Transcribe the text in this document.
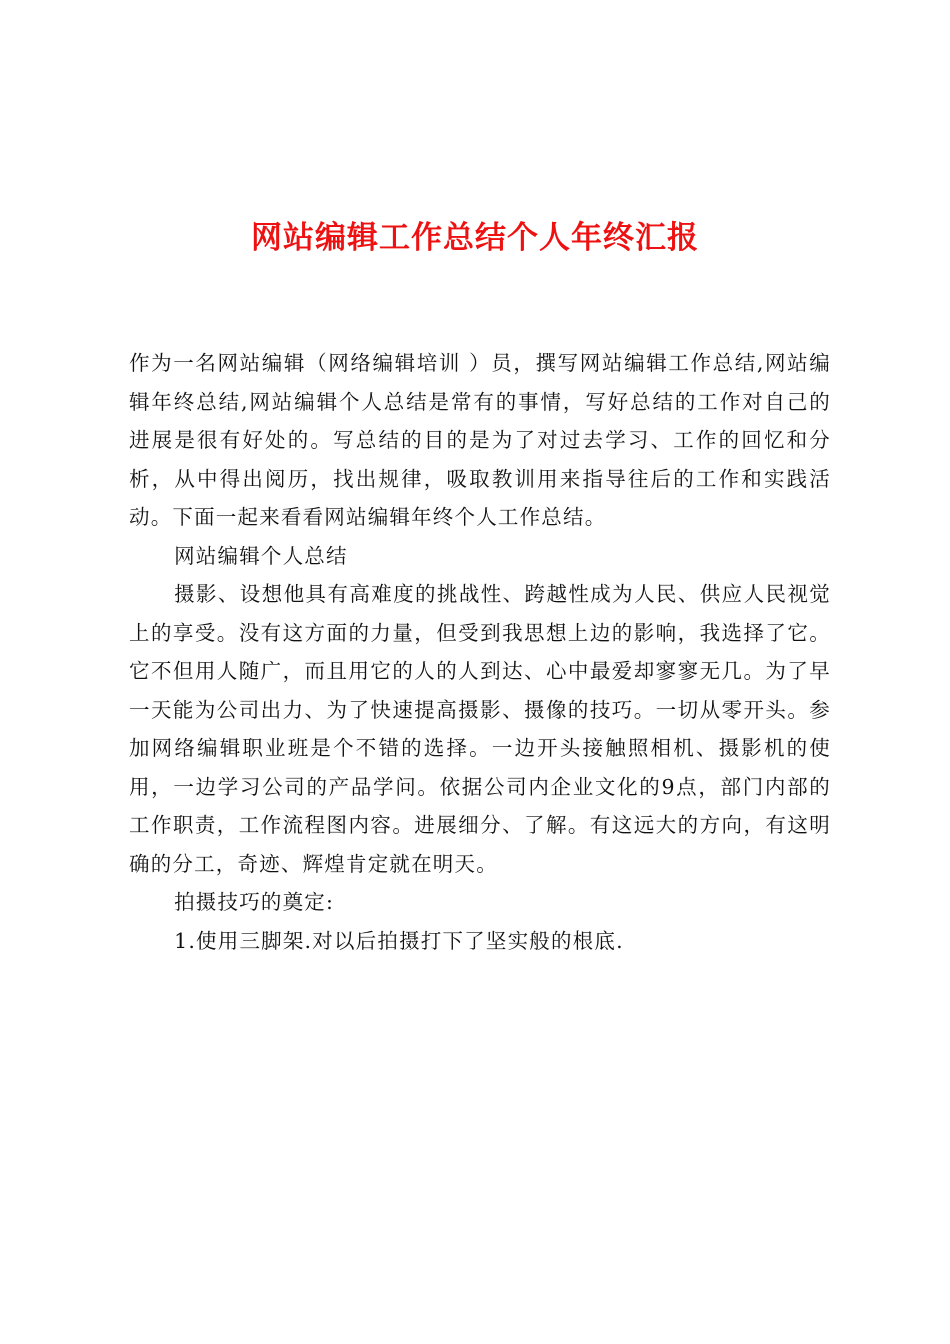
网站编辑工作总结个人年终汇报

作为一名网站编辑（网络编辑培训 ）员，撰写网站编辑工作总结,网站编辑年终总结,网站编辑个人总结是常有的事情，写好总结的工作对自己的进展是很有好处的。写总结的目的是为了对过去学习、工作的回忆和分析，从中得出阅历，找出规律，吸取教训用来指导往后的工作和实践活动。下面一起来看看网站编辑年终个人工作总结。

网站编辑个人总结

摄影、设想他具有高难度的挑战性、跨越性成为人民、供应人民视觉上的享受。没有这方面的力量，但受到我思想上边的影响，我选择了它。它不但用人随广，而且用它的人的人到达、心中最爱却寥寥无几。为了早一天能为公司出力、为了快速提高摄影、摄像的技巧。一切从零开头。参加网络编辑职业班是个不错的选择。一边开头接触照相机、摄影机的使用，一边学习公司的产品学问。依据公司内企业文化的9点，部门内部的工作职责，工作流程图内容。进展细分、了解。有这远大的方向，有这明确的分工，奇迹、辉煌肯定就在明天。

拍摄技巧的奠定:

1.使用三脚架.对以后拍摄打下了坚实般的根底.
